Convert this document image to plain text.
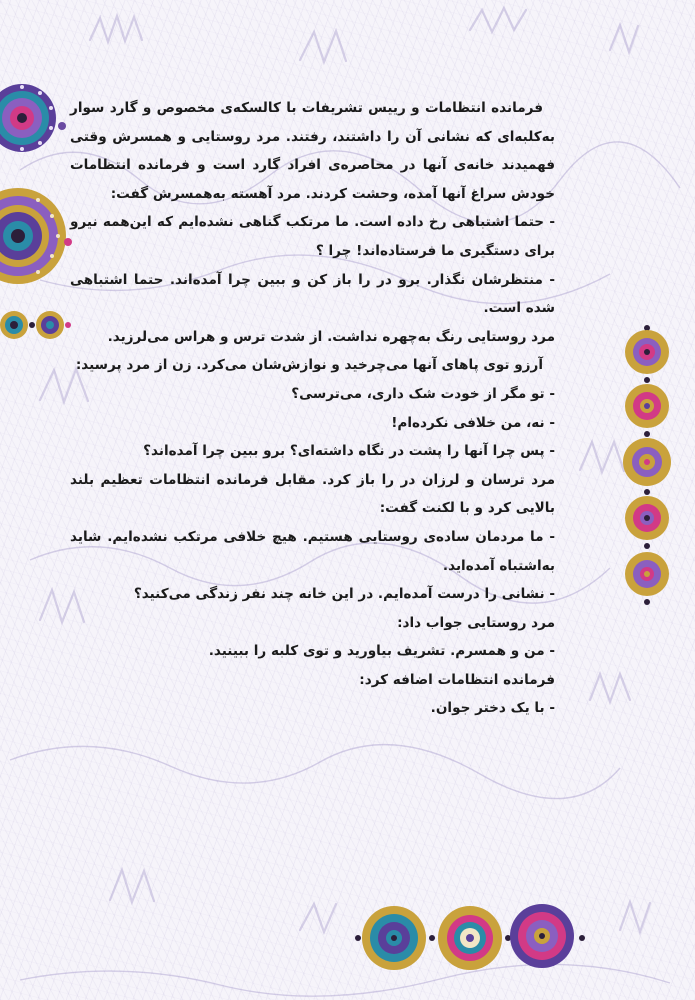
فرمانده انتظامات و رییس تشریفات با کالسکه‌ی مخصوص و گارد سوار به‌کلبه‌ای که نشانی آن را داشتند، رفتند. مرد روستایی و همسرش وقتی فهمیدند خانه‌ی آنها در محاصره‌ی افراد گارد است و فرمانده انتظامات خودش سراغ آنها آمده، وحشت کردند. مرد آهسته به‌همسرش گفت:

- حتما اشتباهی رخ داده است. ما مرتکب گناهی نشده‌ایم که این‌همه نیرو برای دستگیری ما فرستاده‌اند! چرا ؟

- منتظرشان نگذار. برو در را باز کن و ببین چرا آمده‌اند. حتما اشتباهی شده است.

مرد روستایی رنگ به‌چهره نداشت. از شدت ترس و هراس می‌لرزید.

آرزو توی پاهای آنها می‌چرخید و نوازش‌شان می‌کرد. زن از مرد پرسید:

- تو مگر از خودت شک داری، می‌ترسی؟

- نه، من خلافی نکرده‌ام!

- پس چرا آنها را پشت در نگاه داشته‌ای؟ برو ببین چرا آمده‌اند؟

مرد ترسان و لرزان در را باز کرد. مقابل فرمانده انتظامات تعظیم بلند بالایی کرد و با لکنت گفت:

- ما مردمان ساده‌ی روستایی هستیم. هیچ خلافی مرتکب نشده‌ایم. شاید به‌اشتباه آمده‌اید.

- نشانی را درست آمده‌ایم. در این خانه چند نفر زندگی می‌کنید؟

مرد روستایی جواب داد:

- من و همسرم. تشریف بیاورید و توی کلبه را ببینید.

فرمانده انتظامات اضافه کرد:

- با یک دختر جوان.
